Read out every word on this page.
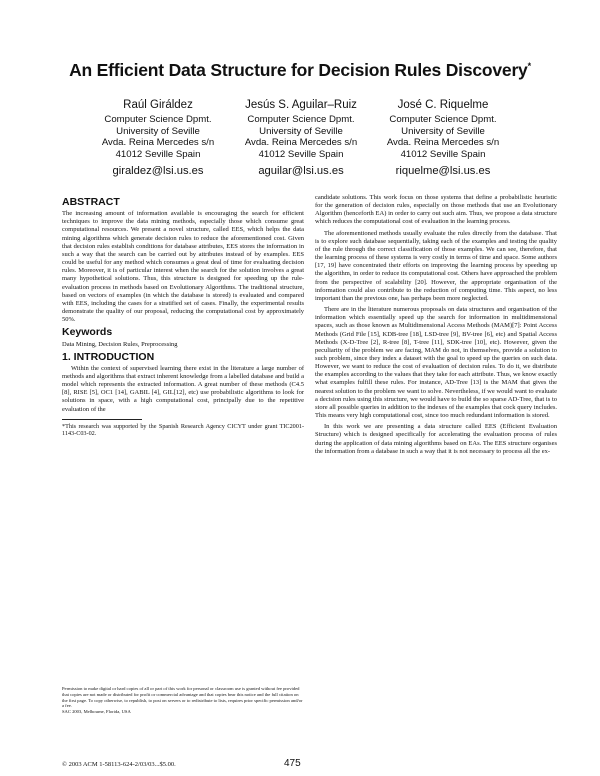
An Efficient Data Structure for Decision Rules Discovery*
Raúl Giráldez
Computer Science Dpmt.
University of Seville
Avda. Reina Mercedes s/n
41012 Seville Spain
giraldez@lsi.us.es
Jesús S. Aguilar–Ruiz
Computer Science Dpmt.
University of Seville
Avda. Reina Mercedes s/n
41012 Seville Spain
aguilar@lsi.us.es
José C. Riquelme
Computer Science Dpmt.
University of Seville
Avda. Reina Mercedes s/n
41012 Seville Spain
riquelme@lsi.us.es
ABSTRACT

The increasing amount of information available is encouraging the search for efficient techniques to improve the data mining methods, especially those which consume great computational resources. We present a novel structure, called EES, which helps the data mining algorithms which generate decision rules to reduce the aforementioned cost. Given that decision rules establish conditions for database attributes, EES stores the information in such a way that the search can be carried out by attributes instead of by examples. EES could be useful for any method which consumes a great deal of time for evaluating decision rules. Moreover, it is of particular interest when the search for the solution involves a great many hypothetical solutions. Thus, this structure is designed for speeding up the rule-evaluation process in methods based on Evolutionary Algorithms. The traditional structure, based on vectors of examples (in which the database is stored) is evaluated and compared with EES, including the cases for a stratified set of cases. Finally, the experimental results demonstrate the quality of our proposal, reducing the computational cost by approximately 50%.

Keywords

Data Mining, Decision Rules, Preprocessing

1. INTRODUCTION

Within the context of supervised learning there exist in the literature a large number of methods and algorithms that extract inherent knowledge from a labelled database and build a model which represents the extracted information. A great number of these methods (C4.5 [8], RISE [5], OC1 [14], GABIL [4], GIL[12], etc) use probabilistic algorithms to look for solutions in space, with a high computational cost, principally due to the repetitive evaluation of the

*This research was supported by the Spanish Research Agency CICYT under grant TIC2001-1143-C03-02.
Permission to make digital or hard copies of all or part of this work for personal or classroom use is granted without fee provided that copies are not made or distributed for profit or commercial advantage and that copies bear this notice and the full citation on the first page. To copy otherwise, to republish, to post on servers or to redistribute to lists, requires prior specific permission and/or a fee.
SAC 2003, Melbourne, Florida, USA

candidate solutions. This work focus on those systems that define a probabilistic heuristic for the generation of decision rules, especially on those methods that use an Evolutionary Algorithm (henceforth EA) in order to carry out such aim. Thus, we propose a data structure which reduces the computational cost of evaluation in the learning process.

The aforementioned methods usually evaluate the rules directly from the database. That is to explore such database sequentially, taking each of the examples and testing the quality of the rule through the correct classification of those examples. We can see, therefore, that the learning process of these systems is very costly in terms of time and space. Some authors [17, 19] have concentrated their efforts on improving the learning process by speeding up the algorithm, in order to reduce its computational cost. Others have approached the problem from the perspective of scalability [20]. However, the appropriate organisation of the information could also contribute to the reduction of computing time. This aspect, no less important than the previous one, has perhaps been more neglected.

There are in the literature numerous proposals on data structures and organisation of the information which essentially speed up the search for information in multidimensional spaces, such as those known as Multidimensional Access Methods (MAM)[7]: Point Access Methods (Grid File [15], KDB-tree [18], LSD-tree [9], BV-tree [6], etc) and Spatial Access Methods (X-D-Tree [2], R-tree [8], T-tree [11], SDK-tree [10], etc). However, given the peculiarity of the problem we are facing, MAM do not, in themselves, provide a solution to such problem, since they index a dataset with the goal to speed up the queries on such data. However, we want to reduce the cost of evaluation of decision rules. To do it, we distribute the examples according to the values that they take for each attribute. Thus, we know exactly what examples fulfill these rules. For instance, AD-Tree [13] is the MAM that gives the nearest solution to the problem we want to solve. Nevertheless, if we would want to evaluate a decision rules using this structure, we would have to build the so sparse AD-Tree, that is to store all possible queries in addition to the indexes of the examples that cock query includes. This means very high computational cost, since too much redundant information is stored.

In this work we are presenting a data structure called EES (Efficient Evaluation Structure) which is designed specifically for accelerating the evaluation process of rules during the application of data mining algorithms based on EAs. The EES structure organises the information from a database in such a way that it is not necessary to process all the ex-

© 2003 ACM 1-58113-624-2/03/03...$5.00.	475
